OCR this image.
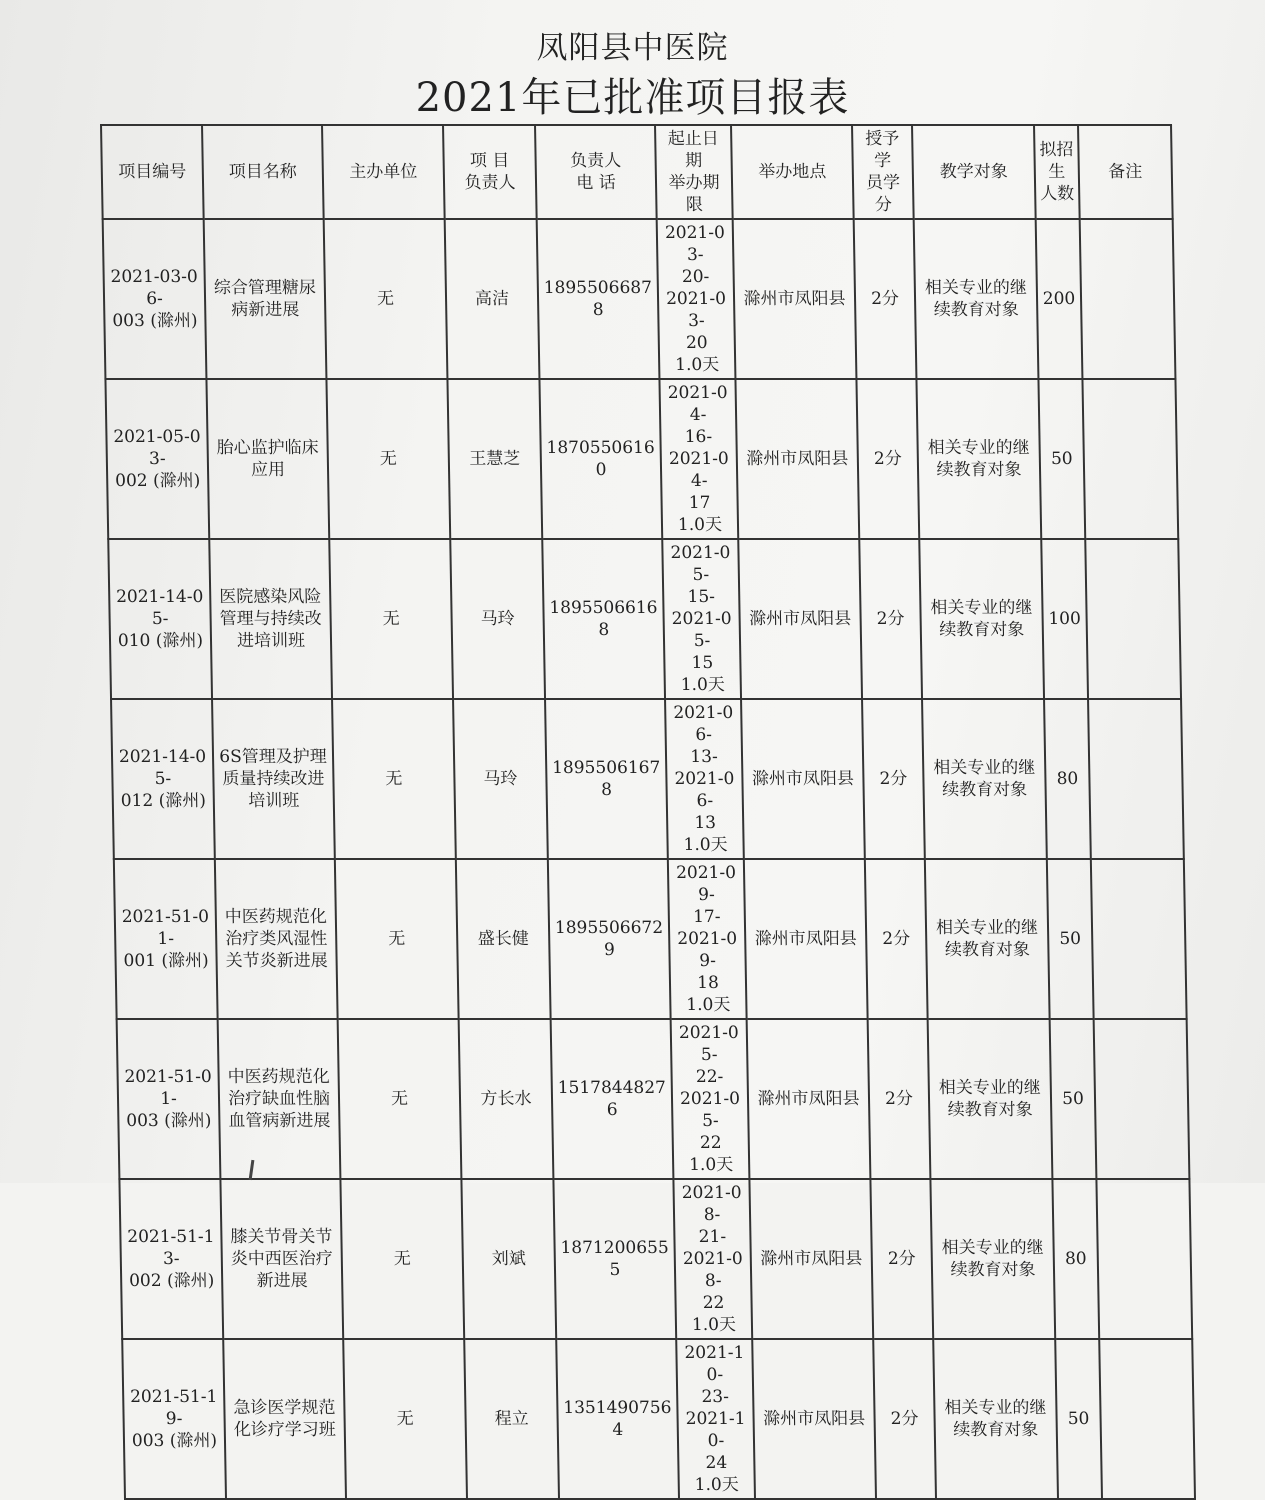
凤阳县中医院
2021年已批准项目报表
项目编号	项目名称	主办单位	项 目
负责人	负责人
电 话	起止日
期
举办期
限	举办地点	授予
学
员学
分	教学对象	拟招
生
人数	备注
2021-03-06-
003 (滁州)	综合管理糖尿
病新进展	无	高洁	18955066878	2021-03-
20-
2021-03-
20
1.0天	滁州市凤阳县	2分	相关专业的继
续教育对象	200	
2021-05-03-
002 (滁州)	胎心监护临床
应用	无	王慧芝	18705506160	2021-04-
16-
2021-04-
17
1.0天	滁州市凤阳县	2分	相关专业的继
续教育对象	50	
2021-14-05-
010 (滁州)	医院感染风险
管理与持续改
进培训班	无	马玲	18955066168	2021-05-
15-
2021-05-
15
1.0天	滁州市凤阳县	2分	相关专业的继
续教育对象	100	
2021-14-05-
012 (滁州)	6S管理及护理
质量持续改进
培训班	无	马玲	18955061678	2021-06-
13-
2021-06-
13
1.0天	滁州市凤阳县	2分	相关专业的继
续教育对象	80	
2021-51-01-
001 (滁州)	中医药规范化
治疗类风湿性
关节炎新进展	无	盛长健	18955066729	2021-09-
17-
2021-09-
18
1.0天	滁州市凤阳县	2分	相关专业的继
续教育对象	50	
2021-51-01-
003 (滁州)	中医药规范化
治疗缺血性脑
血管病新进展	无	方长水	15178448276	2021-05-
22-
2021-05-
22
1.0天	滁州市凤阳县	2分	相关专业的继
续教育对象	50	
2021-51-13-
002 (滁州)	膝关节骨关节
炎中西医治疗
新进展	无	刘斌	18712006555	2021-08-
21-
2021-08-
22
1.0天	滁州市凤阳县	2分	相关专业的继
续教育对象	80	
2021-51-19-
003 (滁州)	急诊医学规范
化诊疗学习班	无	程立	13514907564	2021-10-
23-
2021-10-
24
1.0天	滁州市凤阳县	2分	相关专业的继
续教育对象	50	
